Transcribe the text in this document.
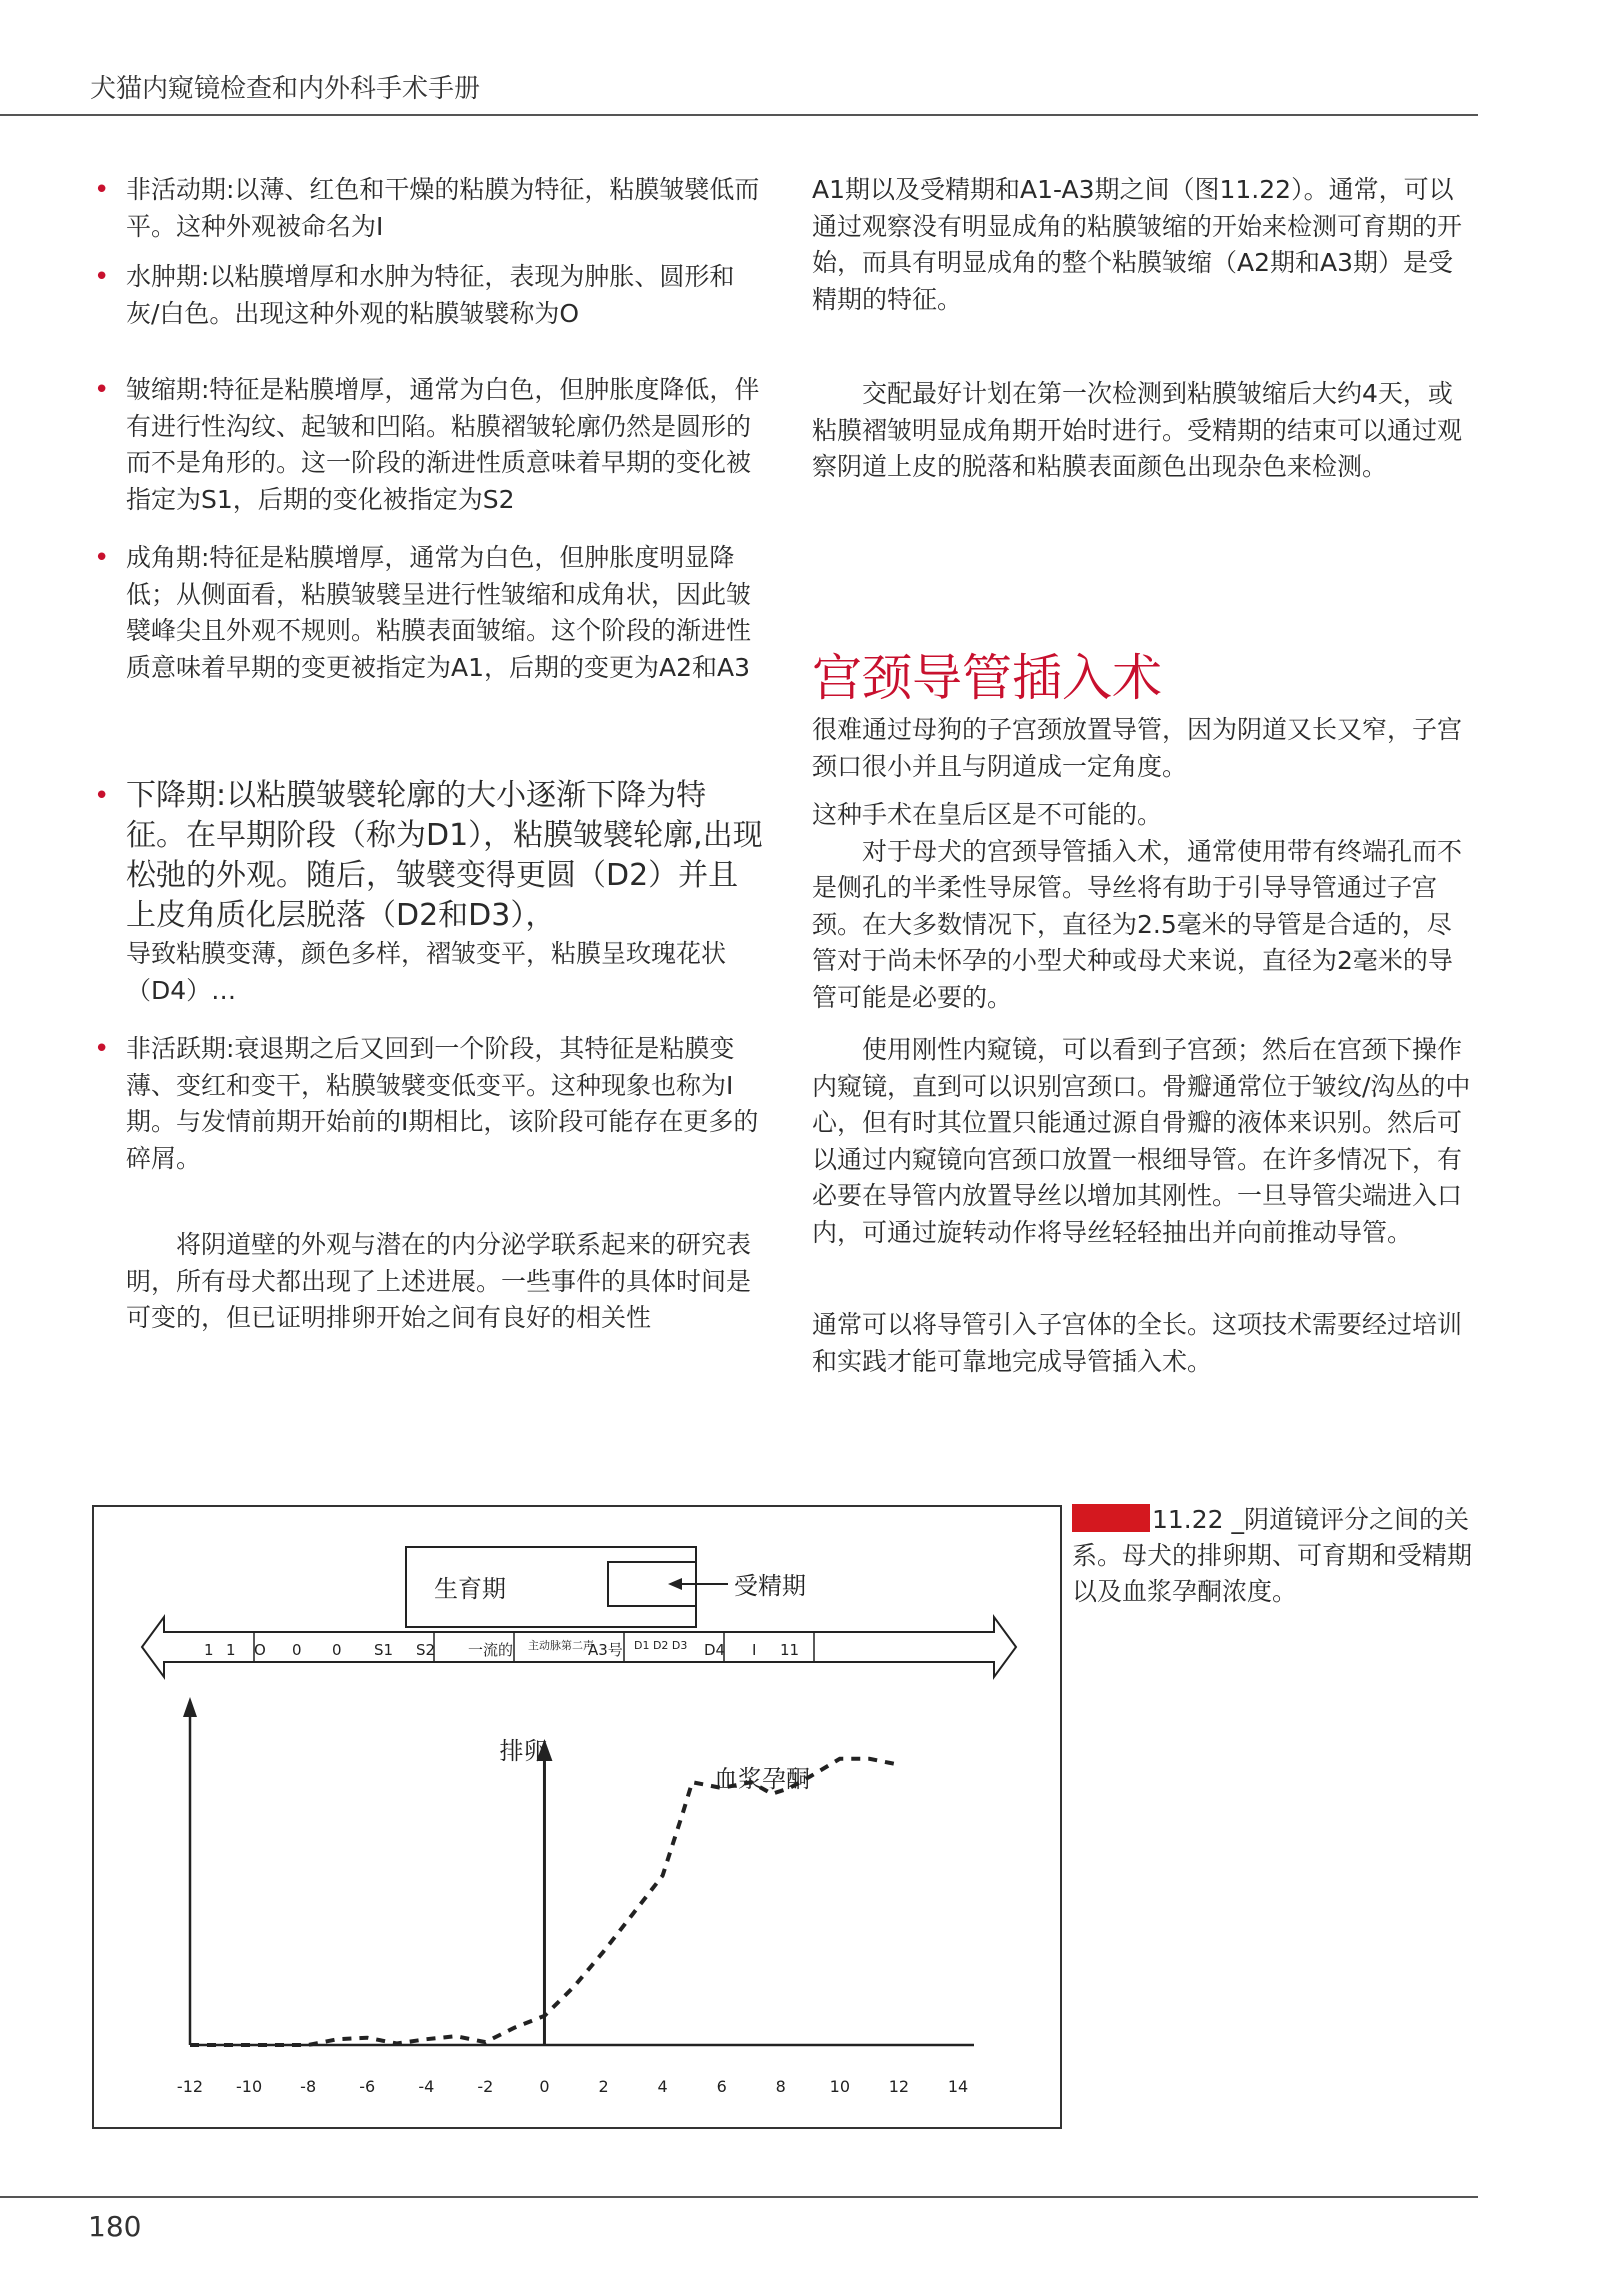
犬猫内窥镜检查和内外科手术手册
• 非活动期:以薄、红色和干燥的粘膜为特征，粘膜皱襞低而平。这种外观被命名为I
• 水肿期:以粘膜增厚和水肿为特征，表现为肿胀、圆形和灰/白色。出现这种外观的粘膜皱襞称为O
• 皱缩期:特征是粘膜增厚，通常为白色，但肿胀度降低，伴有进行性沟纹、起皱和凹陷。粘膜褶皱轮廓仍然是圆形的而不是角形的。这一阶段的渐进性质意味着早期的变化被指定为S1，后期的变化被指定为S2
• 成角期:特征是粘膜增厚，通常为白色，但肿胀度明显降低；从侧面看，粘膜皱襞呈进行性皱缩和成角状，因此皱襞峰尖且外观不规则。粘膜表面皱缩。这个阶段的渐进性质意味着早期的变更被指定为A1，后期的变更为A2和A3
• 下降期:以粘膜皱襞轮廓的大小逐渐下降为特征。在早期阶段（称为D1），粘膜皱襞轮廓,出现松弛的外观。随后，皱襞变得更圆（D2）并且上皮角质化层脱落（D2和D3），
导致粘膜变薄，颜色多样，褶皱变平，粘膜呈玫瑰花状（D4）…
• 非活跃期:衰退期之后又回到一个阶段，其特征是粘膜变薄、变红和变干，粘膜皱襞变低变平。这种现象也称为I期。与发情前期开始前的I期相比，该阶段可能存在更多的碎屑。

将阴道壁的外观与潜在的内分泌学联系起来的研究表明，所有母犬都出现了上述进展。一些事件的具体时间是可变的，但已证明排卵开始之间有良好的相关性

A1期以及受精期和A1-A3期之间（图11.22）。通常，可以通过观察没有明显成角的粘膜皱缩的开始来检测可育期的开始，而具有明显成角的整个粘膜皱缩（A2期和A3期）是受精期的特征。

交配最好计划在第一次检测到粘膜皱缩后大约4天，或粘膜褶皱明显成角期开始时进行。受精期的结束可以通过观察阴道上皮的脱落和粘膜表面颜色出现杂色来检测。

宫颈导管插入术

很难通过母狗的子宫颈放置导管，因为阴道又长又窄，子宫颈口很小并且与阴道成一定角度。

这种手术在皇后区是不可能的。

对于母犬的宫颈导管插入术，通常使用带有终端孔而不是侧孔的半柔性导尿管。导丝将有助于引导导管通过子宫颈。在大多数情况下，直径为2.5毫米的导管是合适的，尽管对于尚未怀孕的小型犬种或母犬来说，直径为2毫米的导管可能是必要的。

使用刚性内窥镜，可以看到子宫颈；然后在宫颈下操作内窥镜，直到可以识别宫颈口。骨瓣通常位于皱纹/沟丛的中心，但有时其位置只能通过源自骨瓣的液体来识别。然后可以通过内窥镜向宫颈口放置一根细导管。在许多情况下，有必要在导管内放置导丝以增加其刚性。一旦导管尖端进入口内，可通过旋转动作将导丝轻轻抽出并向前推动导管。

通常可以将导管引入子宫体的全长。这项技术需要经过培训和实践才能可靠地完成导管插入术。

生育期	受精期
1 1 O 0 0 S1 S2 一流的 主动脉第二声
A3号 D1 D2 D3 D4 I 11
-12 -10 -8	-6	-4	-2	0	2	4	6	8	10 12 14
排卵
血浆孕酮
11.22 _阴道镜评分之间的关系。母犬的排卵期、可育期和受精期以及血浆孕酮浓度。
180
